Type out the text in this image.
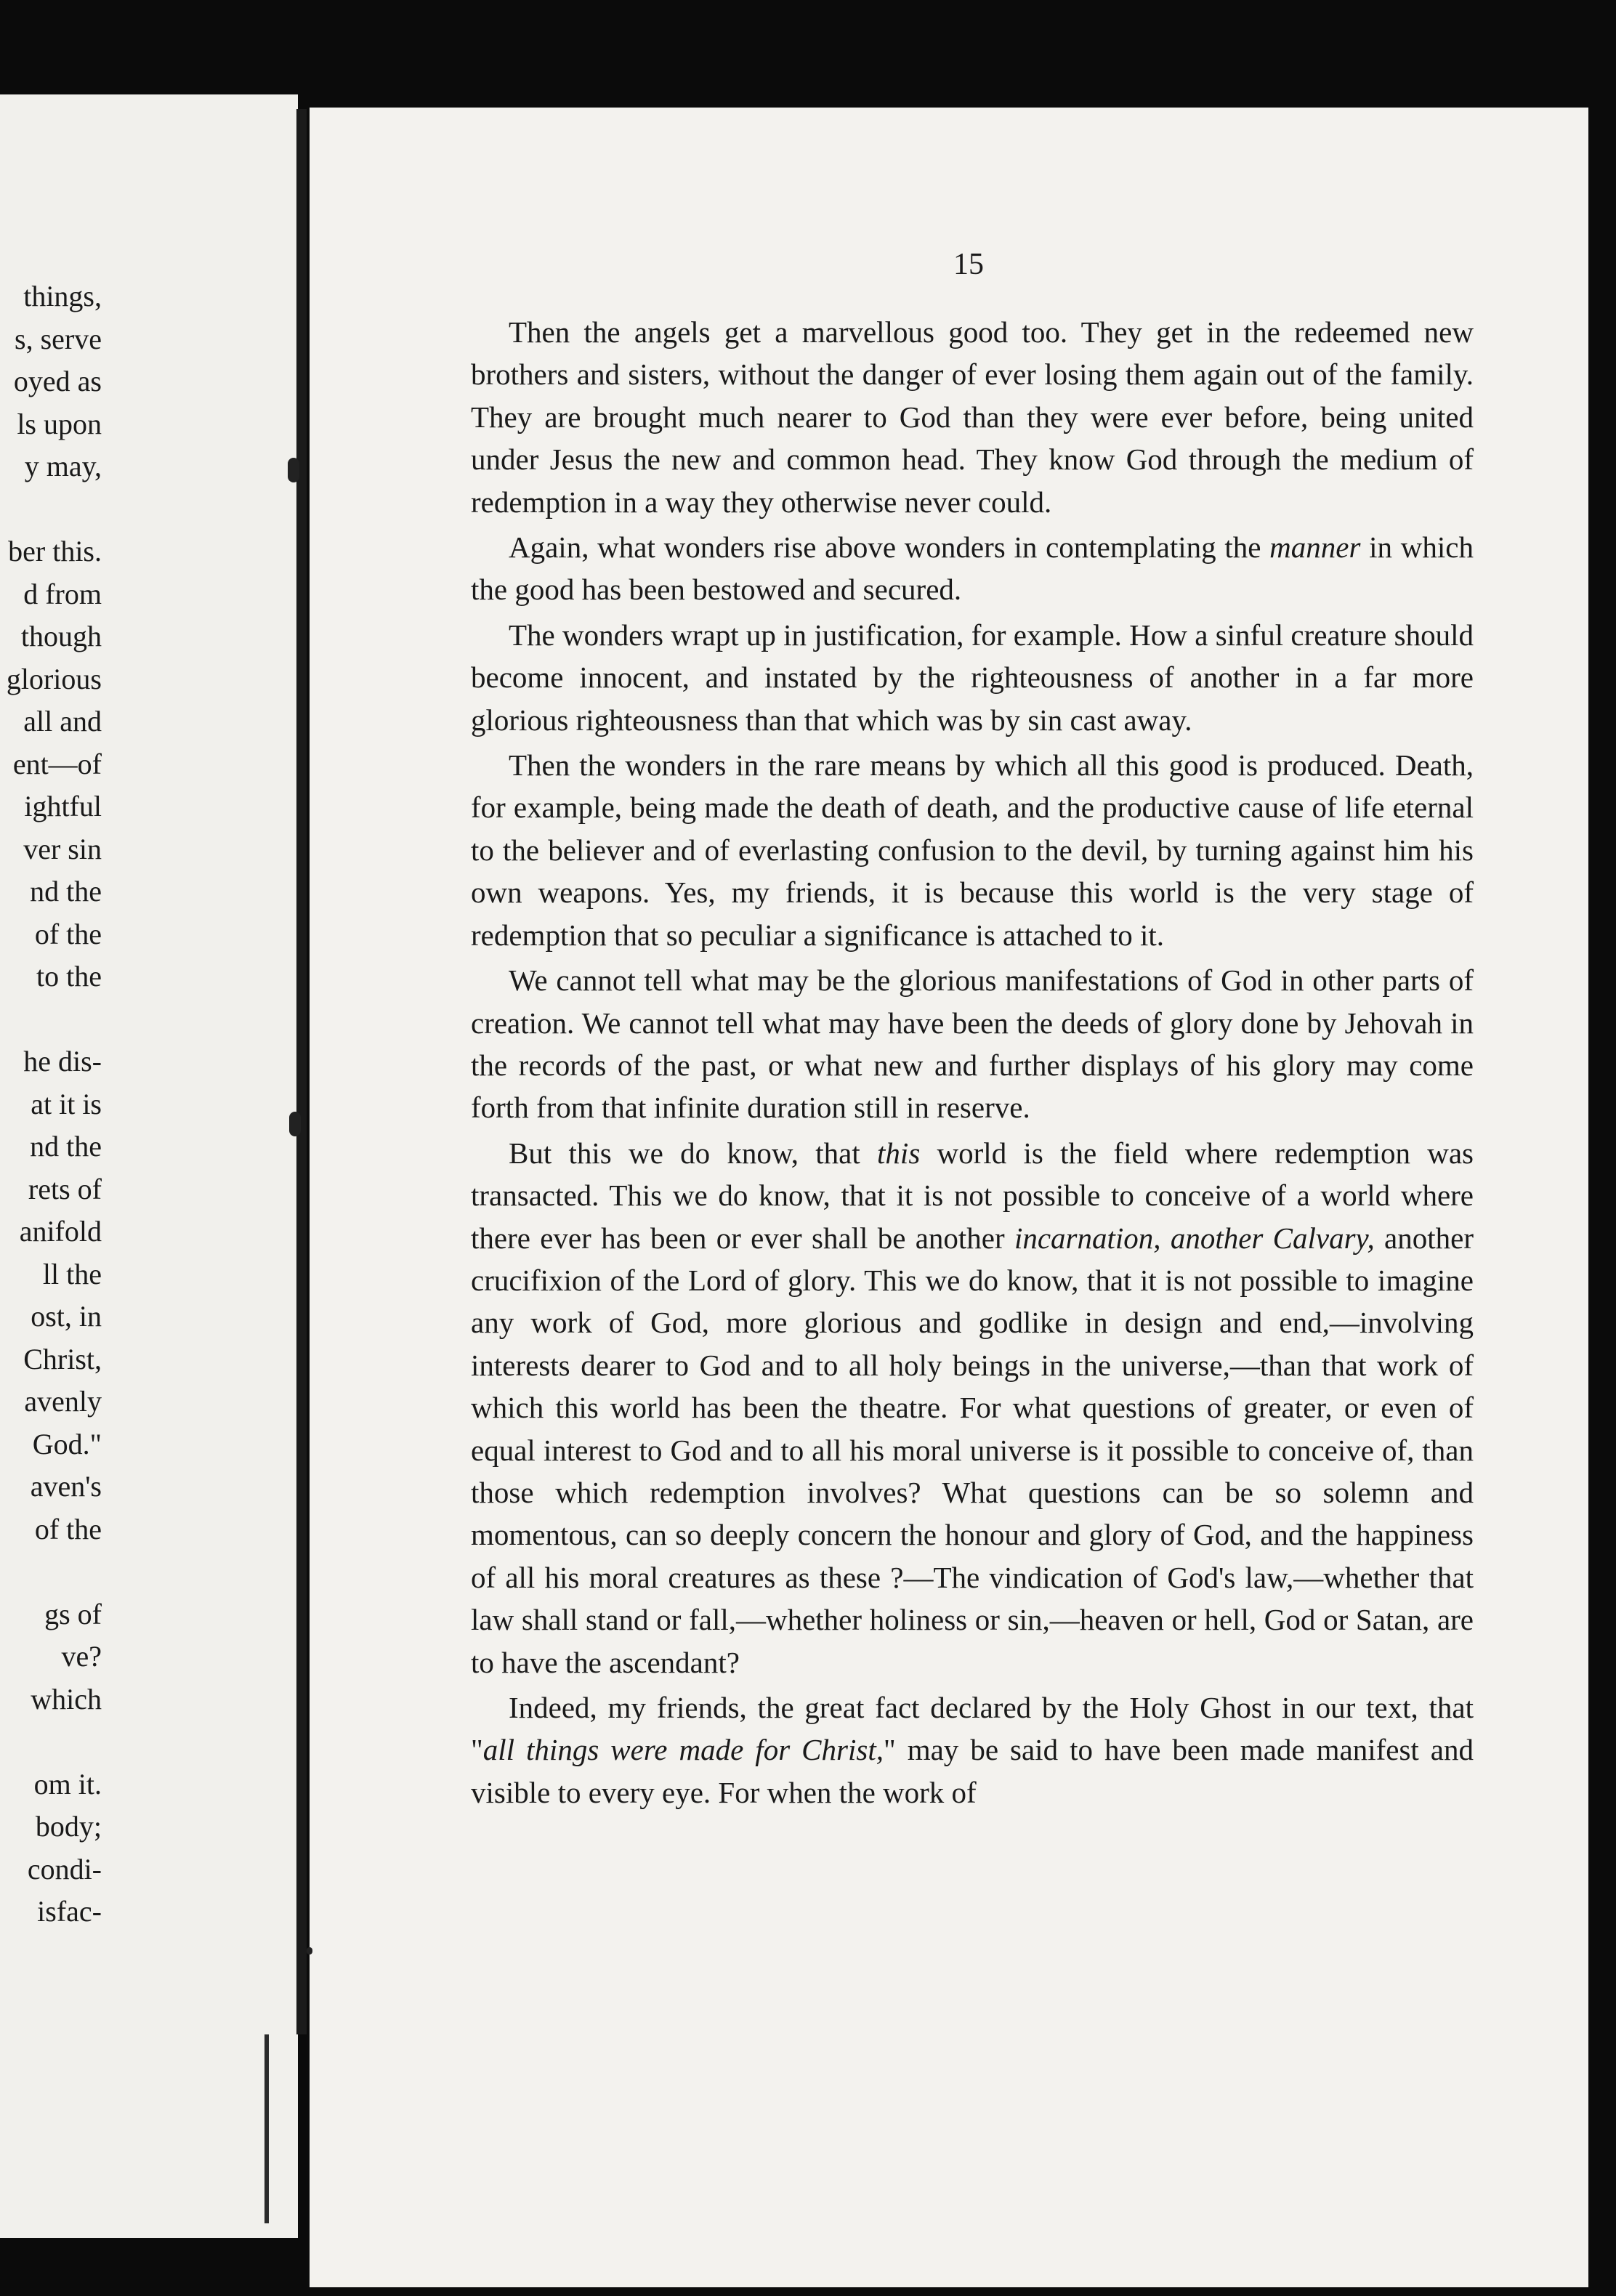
things,
s, serve
oyed as
ls upon
y may,
ber this.
d from
though
glorious
all and
ent—of
ightful
ver sin
nd the
of the
to the
he dis-
at it is
nd the
rets of
anifold
ll the
ost, in
Christ,
avenly
God."
aven's
of the
gs of
ve?
which
om it.
body;
condi-
isfac-
15

Then the angels get a marvellous good too. They get in the redeemed new brothers and sisters, without the danger of ever losing them again out of the family. They are brought much nearer to God than they were ever before, being united under Jesus the new and common head. They know God through the medium of redemption in a way they otherwise never could.

Again, what wonders rise above wonders in contemplating the manner in which the good has been bestowed and secured.

The wonders wrapt up in justification, for example. How a sinful creature should become innocent, and instated by the righteousness of another in a far more glorious righteousness than that which was by sin cast away.

Then the wonders in the rare means by which all this good is produced. Death, for example, being made the death of death, and the productive cause of life eternal to the believer and of everlasting confusion to the devil, by turning against him his own weapons. Yes, my friends, it is because this world is the very stage of redemption that so peculiar a significance is attached to it.

We cannot tell what may be the glorious manifestations of God in other parts of creation. We cannot tell what may have been the deeds of glory done by Jehovah in the records of the past, or what new and further displays of his glory may come forth from that infinite duration still in reserve.

But this we do know, that this world is the field where redemption was transacted. This we do know, that it is not possible to conceive of a world where there ever has been or ever shall be another incarnation, another Calvary, another crucifixion of the Lord of glory. This we do know, that it is not possible to imagine any work of God, more glorious and godlike in design and end,—involving interests dearer to God and to all holy beings in the universe,—than that work of which this world has been the theatre. For what questions of greater, or even of equal interest to God and to all his moral universe is it possible to conceive of, than those which redemption involves? What questions can be so solemn and momentous, can so deeply concern the honour and glory of God, and the happiness of all his moral creatures as these ?—The vindication of God's law,—whether that law shall stand or fall,—whether holiness or sin,—heaven or hell, God or Satan, are to have the ascendant?

Indeed, my friends, the great fact declared by the Holy Ghost in our text, that "all things were made for Christ," may be said to have been made manifest and visible to every eye. For when the work of
